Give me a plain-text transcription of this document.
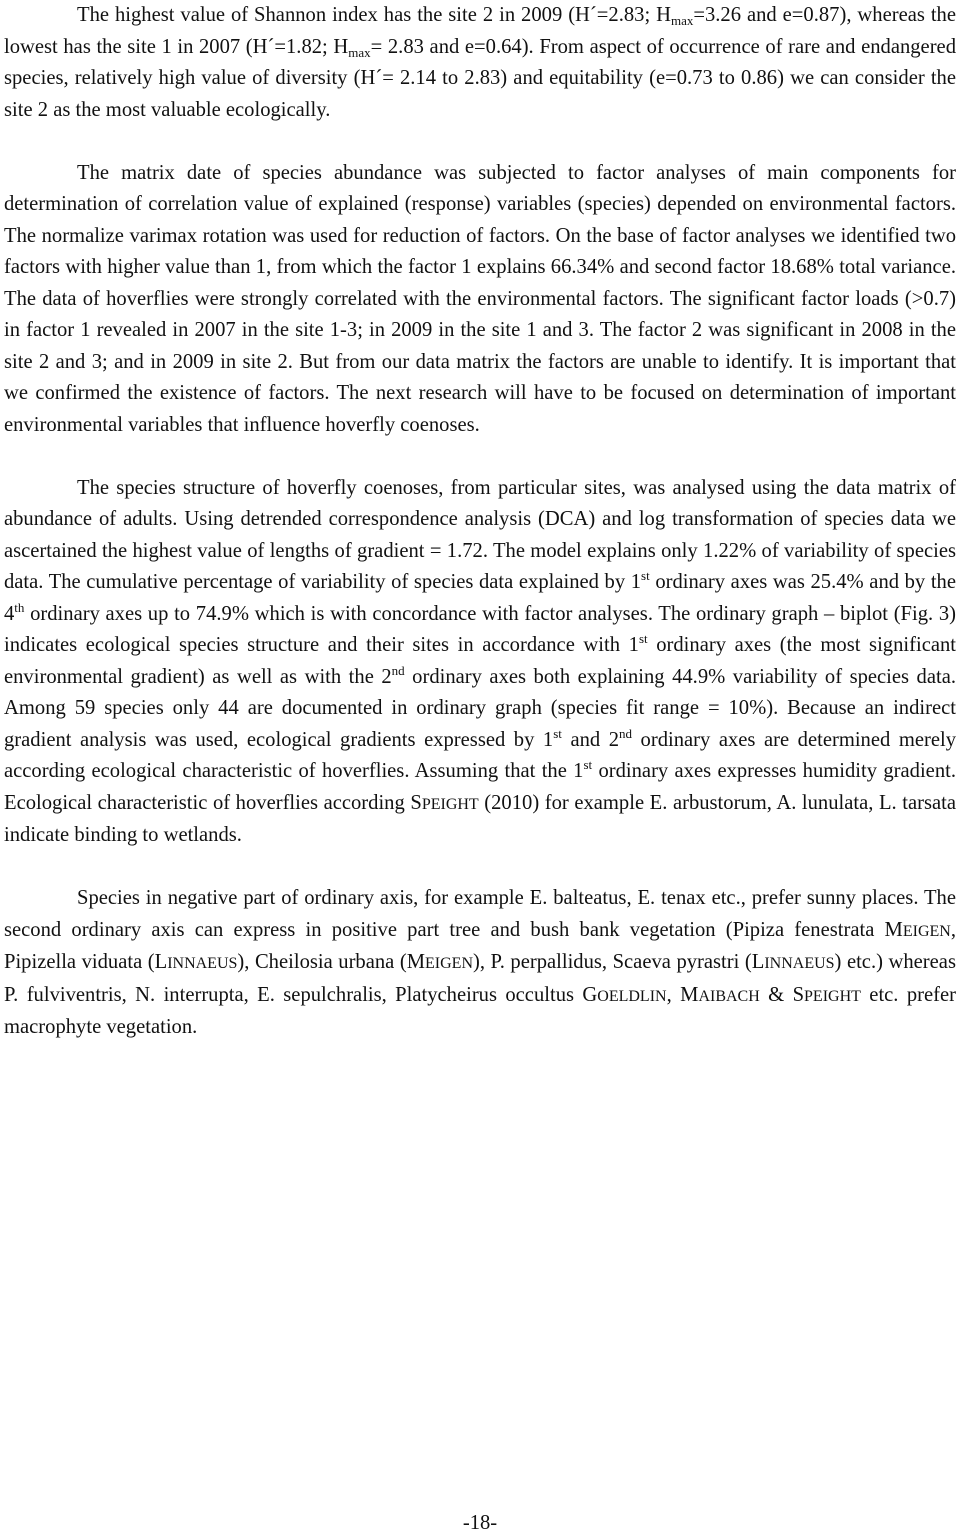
The highest value of Shannon index has the site 2 in 2009 (H´=2.83; $H_{max}=3.26$ and e=0.87), whereas the lowest has the site 1 in 2007 (H´=1.82; $H_{max}= 2.83$ and e=0.64). From aspect of occurrence of rare and endangered species, relatively high value of diversity (H´= 2.14 to 2.83) and equitability (e=0.73 to 0.86) we can consider the site 2 as the most valuable ecologically.

The matrix date of species abundance was subjected to factor analyses of main components for determination of correlation value of explained (response) variables (species) depended on environmental factors. The normalize varimax rotation was used for reduction of factors. On the base of factor analyses we identified two factors with higher value than 1, from which the factor 1 explains 66.34% and second factor 18.68% total variance. The data of hoverflies were strongly correlated with the environmental factors. The significant factor loads (>0.7) in factor 1 revealed in 2007 in the site 1-3; in 2009 in the site 1 and 3. The factor 2 was significant in 2008 in the site 2 and 3; and in 2009 in site 2. But from our data matrix the factors are unable to identify. It is important that we confirmed the existence of factors. The next research will have to be focused on determination of important environmental variables that influence hoverfly coenoses.

The species structure of hoverfly coenoses, from particular sites, was analysed using the data matrix of abundance of adults. Using detrended correspondence analysis (DCA) and log transformation of species data we ascertained the highest value of lengths of gradient = 1.72. The model explains only 1.22% of variability of species data. The cumulative percentage of variability of species data explained by 1st ordinary axes was 25.4% and by the 4th ordinary axes up to 74.9% which is with concordance with factor analyses. The ordinary graph – biplot (Fig. 3) indicates ecological species structure and their sites in accordance with 1st ordinary axes (the most significant environmental gradient) as well as with the 2nd ordinary axes both explaining 44.9% variability of species data. Among 59 species only 44 are documented in ordinary graph (species fit range = 10%). Because an indirect gradient analysis was used, ecological gradients expressed by 1st and 2nd ordinary axes are determined merely according ecological characteristic of hoverflies. Assuming that the 1st ordinary axes expresses humidity gradient. Ecological characteristic of hoverflies according SPEIGHT (2010) for example E. arbustorum, A. lunulata, L. tarsata indicate binding to wetlands.

Species in negative part of ordinary axis, for example E. balteatus, E. tenax etc., prefer sunny places. The second ordinary axis can express in positive part tree and bush bank vegetation (Pipiza fenestrata MEIGEN, Pipizella viduata (LINNAEUS), Cheilosia urbana (MEIGEN), P. perpallidus, Scaeva pyrastri (LINNAEUS) etc.) whereas P. fulviventris, N. interrupta, E. sepulchralis, Platycheirus occultus GOELDLIN, MAIBACH & SPEIGHT etc. prefer macrophyte vegetation.

-18-
